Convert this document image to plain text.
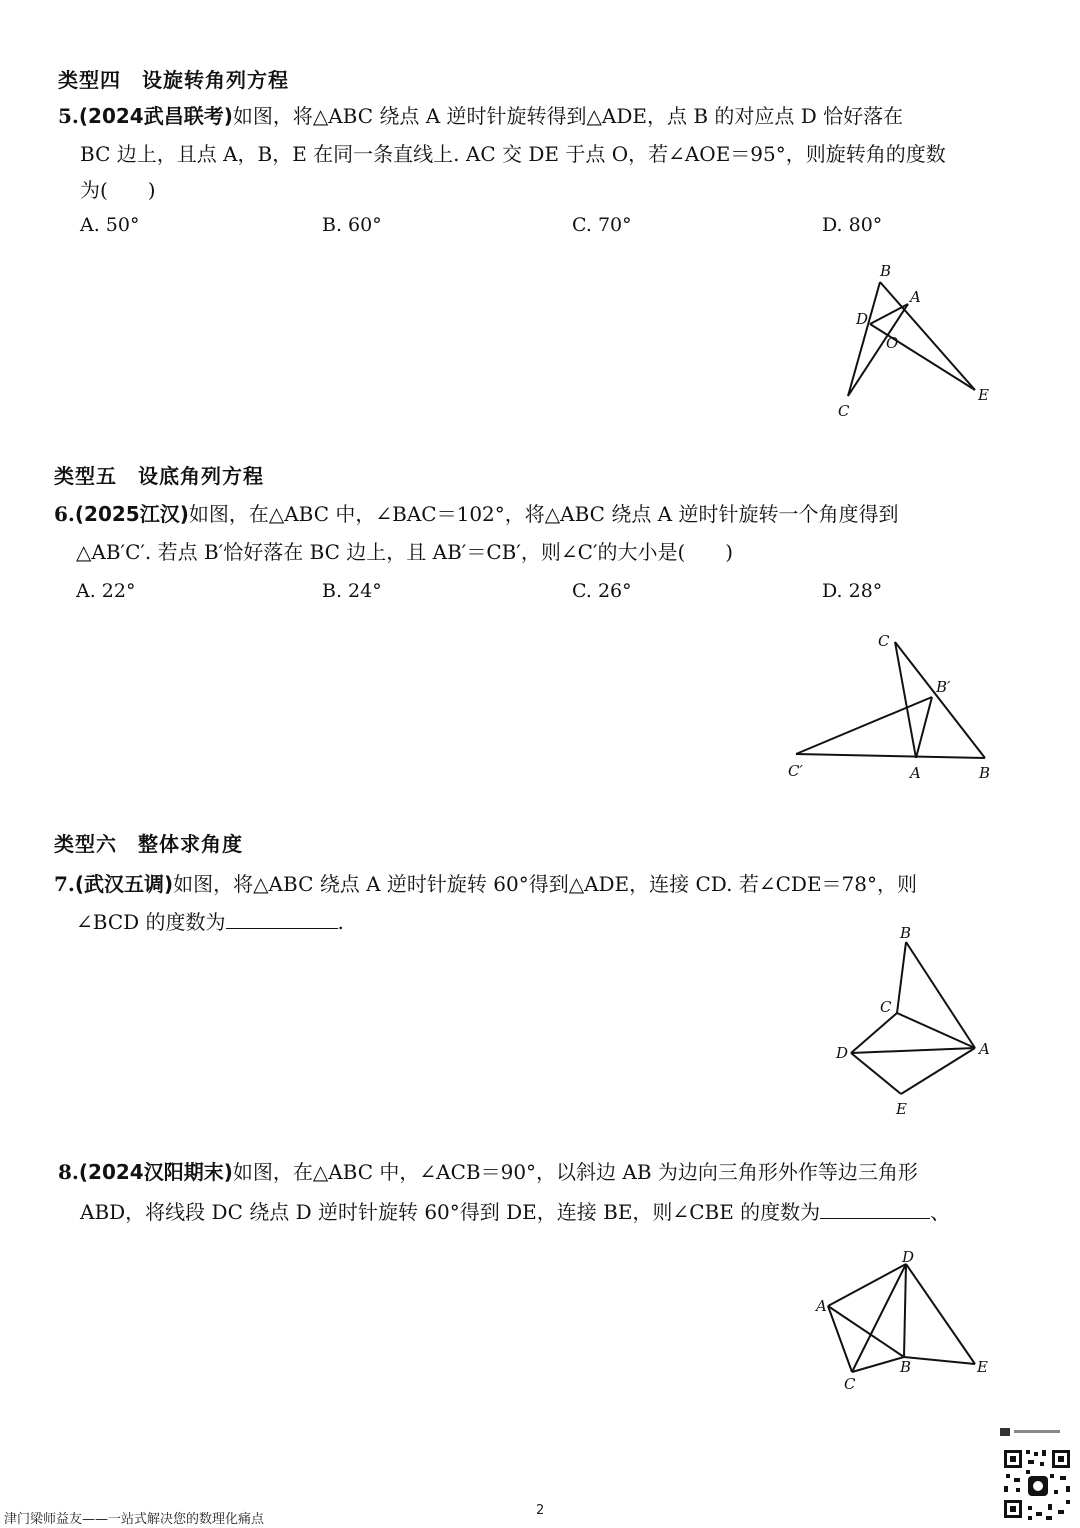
类型四　设旋转角列方程
5.(2024武昌联考)如图，将△ABC 绕点 A 逆时针旋转得到△ADE，点 B 的对应点 D 恰好落在
BC 边上，且点 A，B，E 在同一条直线上. AC 交 DE 于点 O，若∠AOE＝95°，则旋转角的度数
为(　　)
A. 50°	B. 60°	C. 70°	D. 80°
B
A
D
O
C
E
类型五　设底角列方程
6.(2025江汉)如图，在△ABC 中，∠BAC＝102°，将△ABC 绕点 A 逆时针旋转一个角度得到
△AB′C′. 若点 B′恰好落在 BC 边上，且 AB′＝CB′，则∠C′的大小是(　　)
A. 22°	B. 24°	C. 26°	D. 28°
C
B′
C′	A	B
类型六　整体求角度
7.(武汉五调)如图，将△ABC 绕点 A 逆时针旋转 60°得到△ADE，连接 CD. 若∠CDE＝78°，则
∠BCD 的度数为	.	B
C
D	A
E
8.(2024汉阳期末)如图，在△ABC 中，∠ACB＝90°，以斜边 AB 为边向三角形外作等边三角形
ABD，将线段 DC 绕点 D 逆时针旋转 60°得到 DE，连接 BE，则∠CBE 的度数为	、
D
A
B	E
C
津门梁师益友——一站式解决您的数理化痛点
2
